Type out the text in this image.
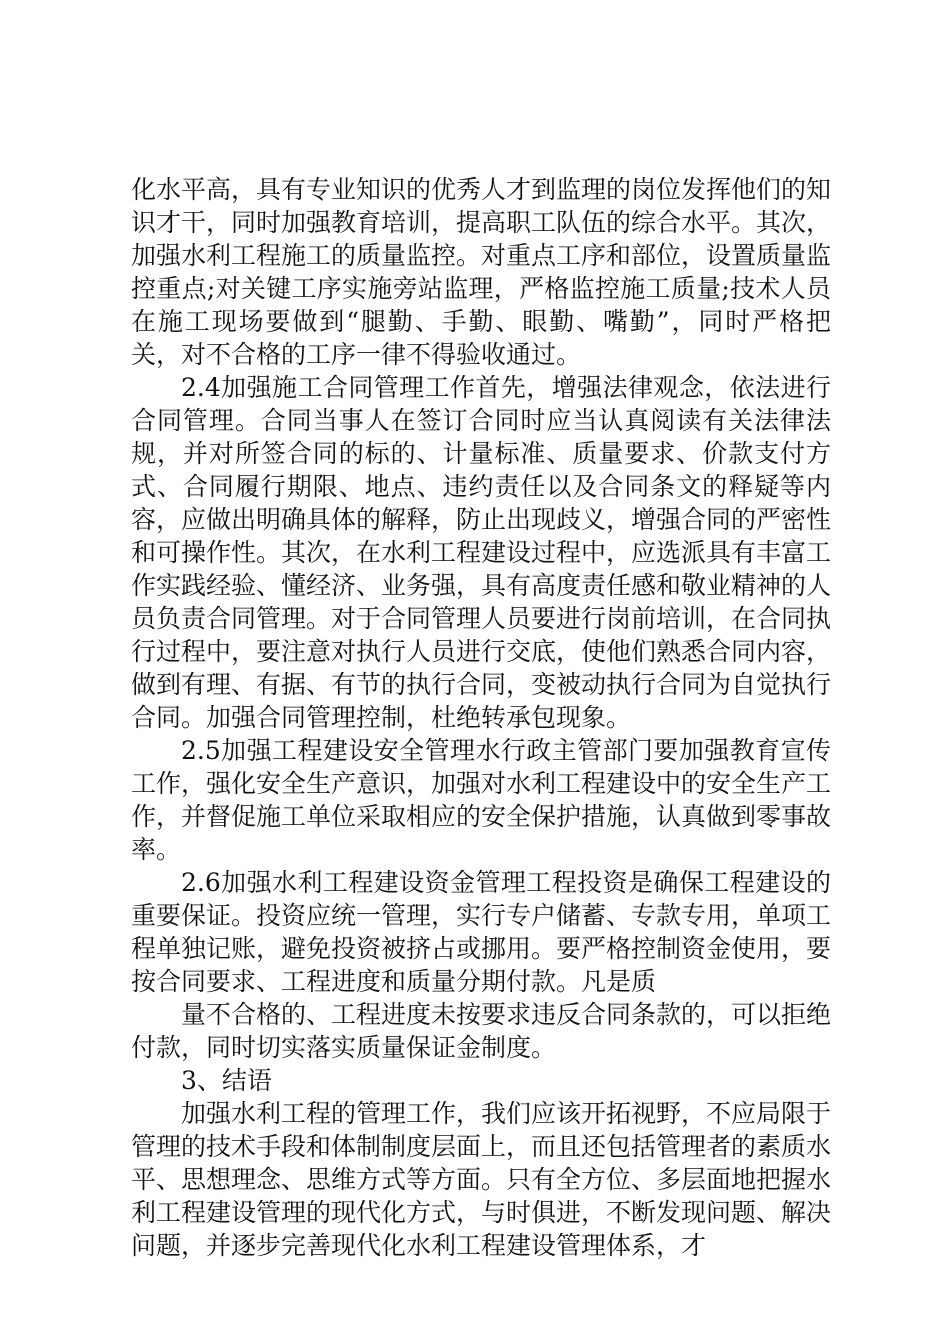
化水平高，具有专业知识的优秀人才到监理的岗位发挥他们的知识才干，同时加强教育培训，提高职工队伍的综合水平。其次，加强水利工程施工的质量监控。对重点工序和部位，设置质量监控重点;对关键工序实施旁站监理，严格监控施工质量;技术人员在施工现场要做到“腿勤、手勤、眼勤、嘴勤”，同时严格把关，对不合格的工序一律不得验收通过。

2.4加强施工合同管理工作首先，增强法律观念，依法进行合同管理。合同当事人在签订合同时应当认真阅读有关法律法规，并对所签合同的标的、计量标准、质量要求、价款支付方式、合同履行期限、地点、违约责任以及合同条文的释疑等内容，应做出明确具体的解释，防止出现歧义，增强合同的严密性和可操作性。其次，在水利工程建设过程中，应选派具有丰富工作实践经验、懂经济、业务强，具有高度责任感和敬业精神的人员负责合同管理。对于合同管理人员要进行岗前培训，在合同执行过程中，要注意对执行人员进行交底，使他们熟悉合同内容，做到有理、有据、有节的执行合同，变被动执行合同为自觉执行合同。加强合同管理控制，杜绝转承包现象。

2.5加强工程建设安全管理水行政主管部门要加强教育宣传工作，强化安全生产意识，加强对水利工程建设中的安全生产工作，并督促施工单位采取相应的安全保护措施，认真做到零事故率。

2.6加强水利工程建设资金管理工程投资是确保工程建设的重要保证。投资应统一管理，实行专户储蓄、专款专用，单项工程单独记账，避免投资被挤占或挪用。要严格控制资金使用，要按合同要求、工程进度和质量分期付款。凡是质

量不合格的、工程进度未按要求违反合同条款的，可以拒绝付款，同时切实落实质量保证金制度。

3、结语

加强水利工程的管理工作，我们应该开拓视野，不应局限于管理的技术手段和体制制度层面上，而且还包括管理者的素质水平、思想理念、思维方式等方面。只有全方位、多层面地把握水利工程建设管理的现代化方式，与时俱进，不断发现问题、解决问题，并逐步完善现代化水利工程建设管理体系，才
